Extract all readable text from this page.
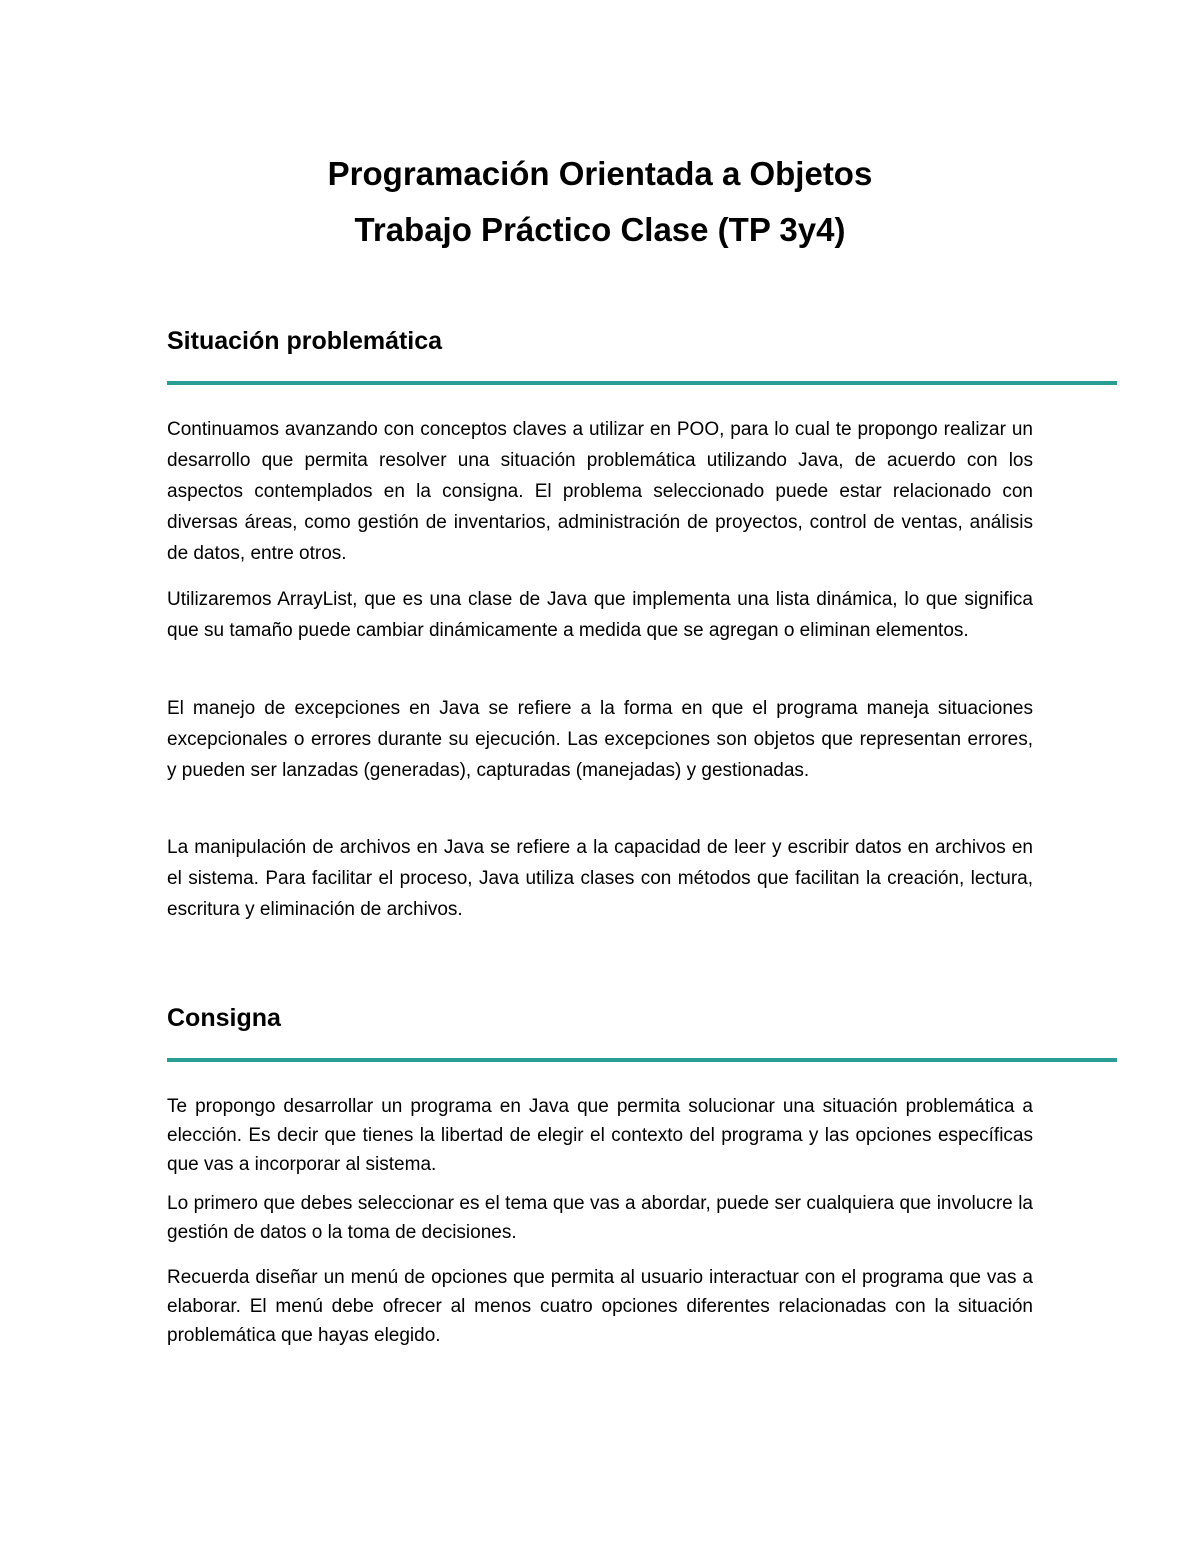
Programación Orientada a Objetos
Trabajo Práctico Clase (TP 3y4)
Situación problemática

Continuamos avanzando con conceptos claves a utilizar en POO, para lo cual te propongo realizar un desarrollo que permita resolver una situación problemática utilizando Java, de acuerdo con los aspectos contemplados en la consigna. El problema seleccionado puede estar relacionado con diversas áreas, como gestión de inventarios, administración de proyectos, control de ventas, análisis de datos, entre otros.

Utilizaremos ArrayList, que es una clase de Java que implementa una lista dinámica, lo que significa que su tamaño puede cambiar dinámicamente a medida que se agregan o eliminan elementos.

El manejo de excepciones en Java se refiere a la forma en que el programa maneja situaciones excepcionales o errores durante su ejecución. Las excepciones son objetos que representan errores, y pueden ser lanzadas (generadas), capturadas (manejadas) y gestionadas.

La manipulación de archivos en Java se refiere a la capacidad de leer y escribir datos en archivos en el sistema. Para facilitar el proceso, Java utiliza clases con métodos que facilitan la creación, lectura, escritura y eliminación de archivos.

Consigna

Te propongo desarrollar un programa en Java que permita solucionar una situación problemática a elección. Es decir que tienes la libertad de elegir el contexto del programa y las opciones específicas que vas a incorporar al sistema.

Lo primero que debes seleccionar es el tema que vas a abordar, puede ser cualquiera que involucre la gestión de datos o la toma de decisiones.

Recuerda diseñar un menú de opciones que permita al usuario interactuar con el programa que vas a elaborar. El menú debe ofrecer al menos cuatro opciones diferentes relacionadas con la situación problemática que hayas elegido.
